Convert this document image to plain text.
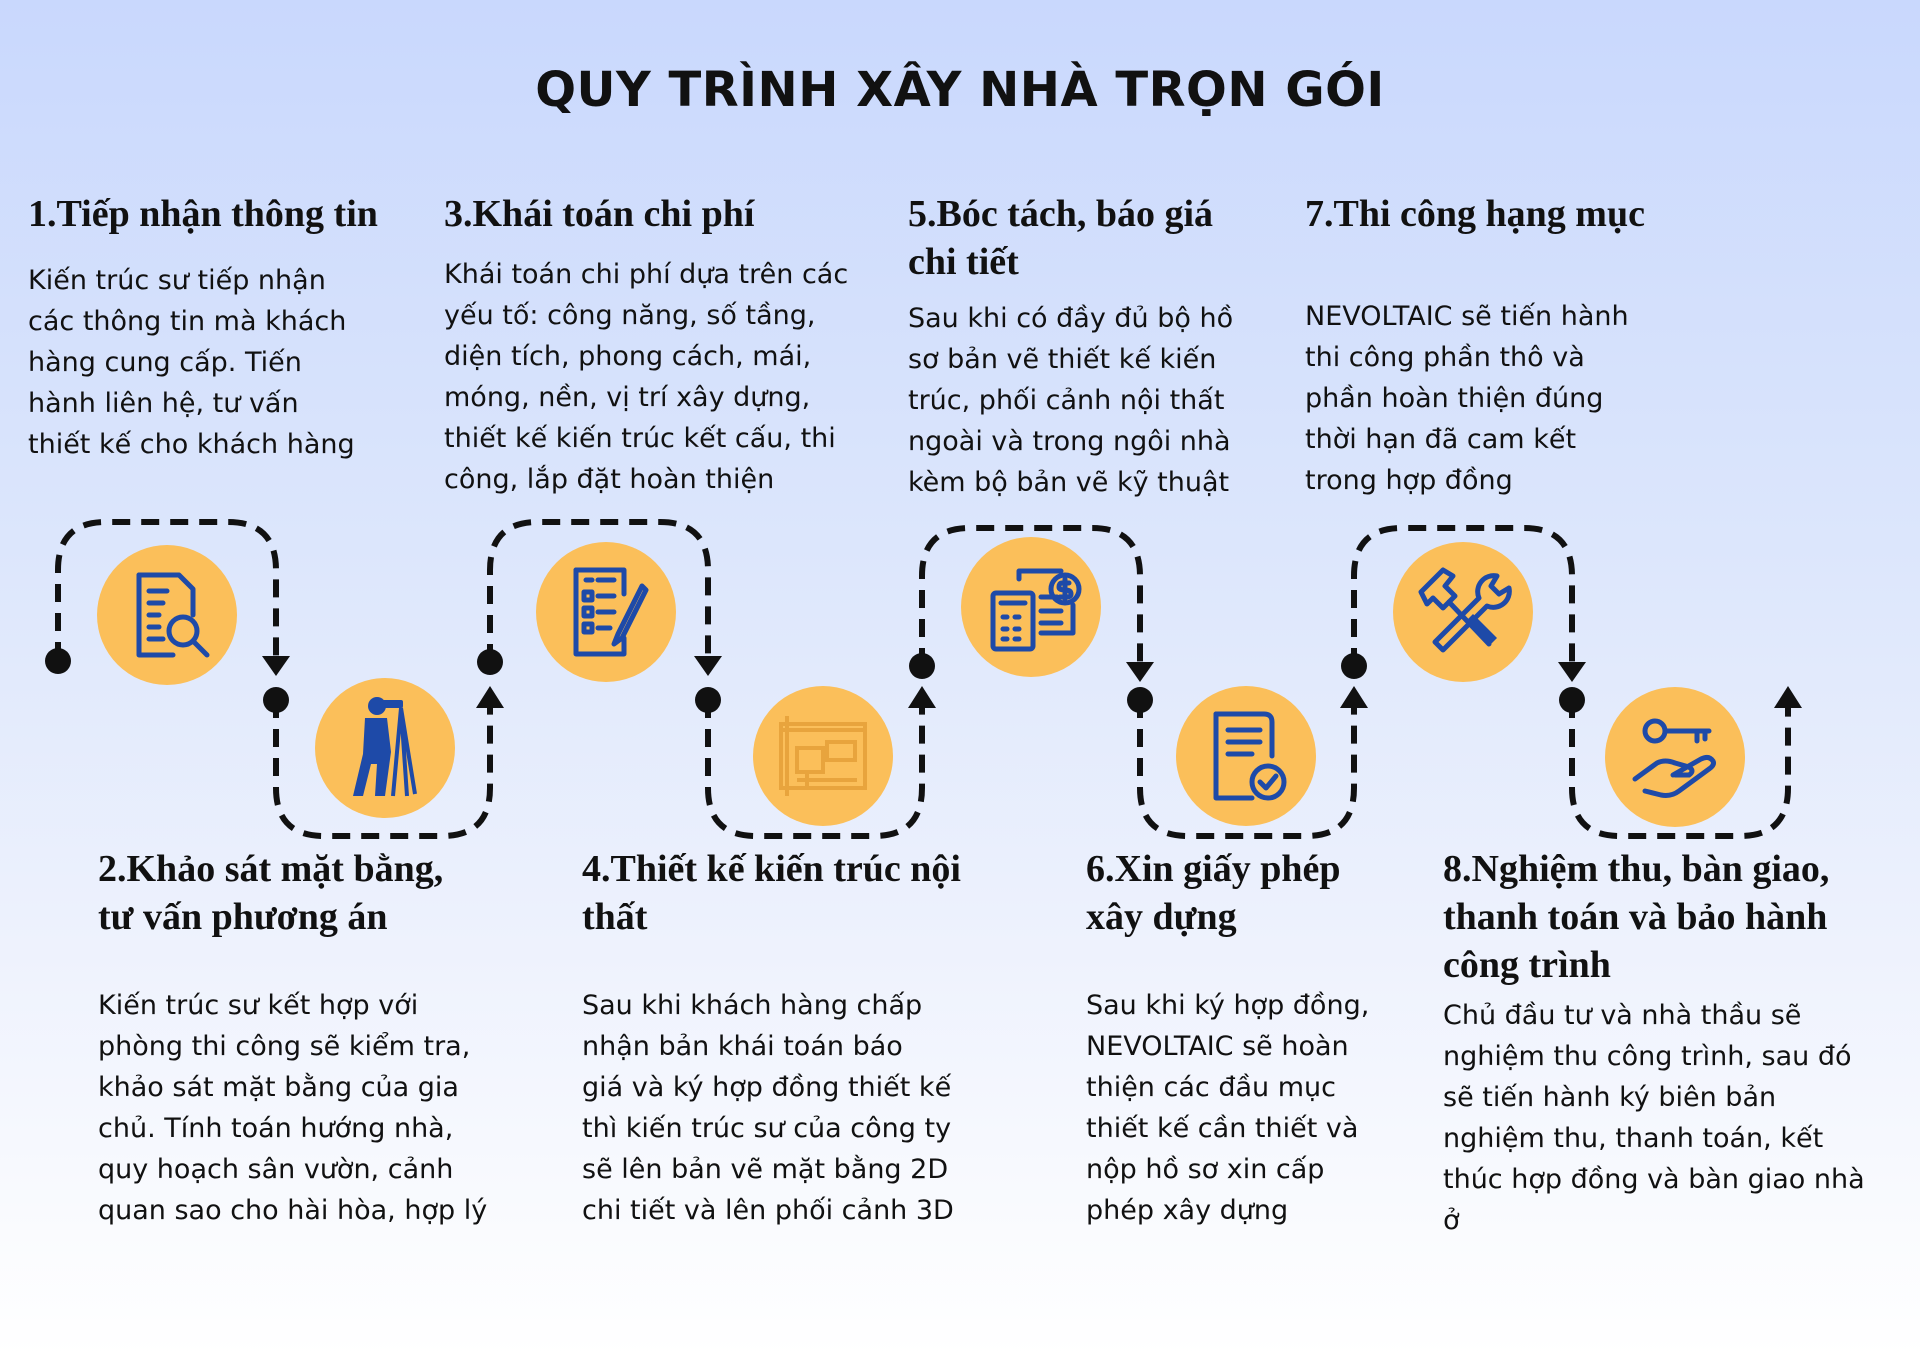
QUY TRÌNH XÂY NHÀ TRỌN GÓI
1.Tiếp nhận thông tin

Kiến trúc sư tiếp nhận
các thông tin mà khách
hàng cung cấp. Tiến
hành liên hệ, tư vấn
thiết kế cho khách hàng

2.Khảo sát mặt bằng,
tư vấn phương án

Kiến trúc sư kết hợp với
phòng thi công sẽ kiểm tra,
khảo sát mặt bằng của gia
chủ. Tính toán hướng nhà,
quy hoạch sân vườn, cảnh
quan sao cho hài hòa, hợp lý

3.Khái toán chi phí

Khái toán chi phí dựa trên các
yếu tố: công năng, số tầng,
diện tích, phong cách, mái,
móng, nền, vị trí xây dựng,
thiết kế kiến trúc kết cấu, thi
công, lắp đặt hoàn thiện

4.Thiết kế kiến trúc nội
thất

Sau khi khách hàng chấp
nhận bản khái toán báo
giá và ký hợp đồng thiết kế
thì kiến trúc sư của công ty
sẽ lên bản vẽ mặt bằng 2D
chi tiết và lên phối cảnh 3D

5.Bóc tách, báo giá
chi tiết

Sau khi có đầy đủ bộ hồ
sơ bản vẽ thiết kế kiến
trúc, phối cảnh nội thất
ngoài và trong ngôi nhà
kèm bộ bản vẽ kỹ thuật

6.Xin giấy phép
xây dựng

Sau khi ký hợp đồng,
NEVOLTAIC sẽ hoàn
thiện các đầu mục
thiết kế cần thiết và
nộp hồ sơ xin cấp
phép xây dựng

7.Thi công hạng mục

NEVOLTAIC sẽ tiến hành
thi công phần thô và
phần hoàn thiện đúng
thời hạn đã cam kết
trong hợp đồng

8.Nghiệm thu, bàn giao,
thanh toán và bảo hành
công trình

Chủ đầu tư và nhà thầu sẽ
nghiệm thu công trình, sau đó
sẽ tiến hành ký biên bản
nghiệm thu, thanh toán, kết
thúc hợp đồng và bàn giao nhà
ở
